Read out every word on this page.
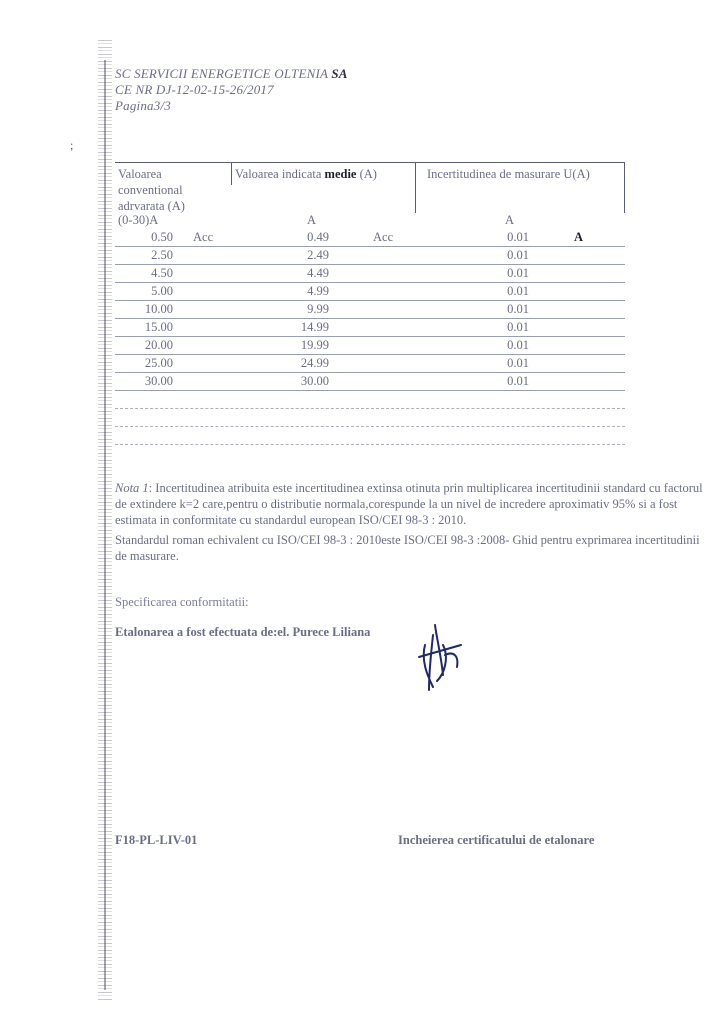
;
SC SERVICII ENERGETICE OLTENIA SA
CE NR DJ-12-02-15-26/2017
Pagina3/3
Valoarea conventional adrvarata (A)
Valoarea indicata medie (A)	Incertitudinea de masurare U(A)
(0-30)A	A	A
0.50 Acc	0.49	Acc	0.01	A
2.50	2.49	0.01
4.50	4.49	0.01
5.00	4.99	0.01
10.00	9.99	0.01
15.00	14.99	0.01
20.00	19.99	0.01
25.00	24.99	0.01
30.00	30.00	0.01

Nota 1: Incertitudinea atribuita este incertitudinea extinsa otinuta prin multiplicarea incertitudinii standard cu factorul de extindere k=2 care,pentru o distributie normala,corespunde la un nivel de incredere aproximativ 95% si a fost estimata in conformitate cu standardul european ISO/CEI 98-3 : 2010.

Standardul roman echivalent cu ISO/CEI 98-3 : 2010este ISO/CEI 98-3 :2008- Ghid pentru exprimarea incertitudinii de masurare.

Specificarea conformitatii:
Etalonarea a fost efectuata de:el. Purece Liliana
F18-PL-LIV-01	Incheierea certificatului de etalonare
